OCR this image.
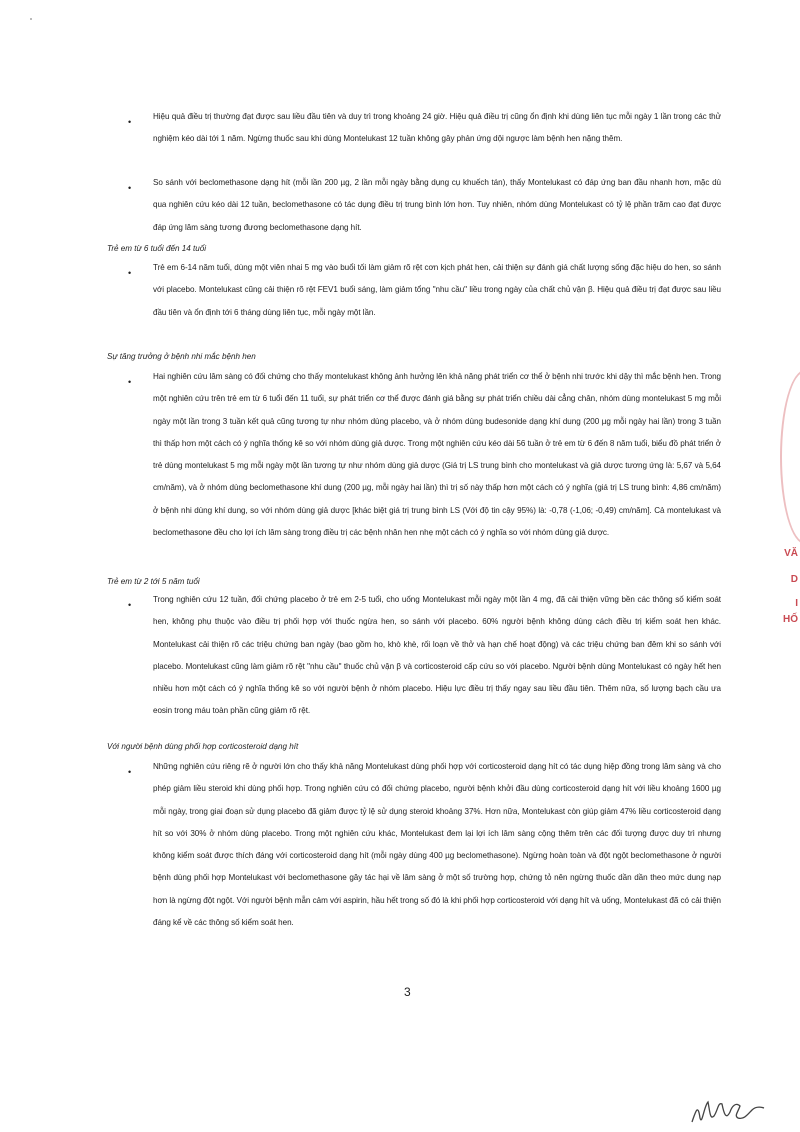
•

Hiệu quả điều trị thường đạt được sau liều đầu tiên và duy trì trong khoảng 24 giờ. Hiệu quả điều trị cũng ổn định khi dùng liên tục mỗi ngày 1 lần trong các thử nghiệm kéo dài tới 1 năm. Ngừng thuốc sau khi dùng Montelukast 12 tuần không gây phản ứng dội ngược làm bệnh hen nặng thêm.

•

So sánh với beclomethasone dạng hít (mỗi lần 200 µg, 2 lần mỗi ngày bằng dụng cụ khuếch tán), thấy Montelukast có đáp ứng ban đầu nhanh hơn, mặc dù qua nghiên cứu kéo dài 12 tuần, beclomethasone có tác dụng điều trị trung bình lớn hơn. Tuy nhiên, nhóm dùng Montelukast có tỷ lệ phần trăm cao đạt được đáp ứng lâm sàng tương đương beclomethasone dạng hít.

Trẻ em từ 6 tuổi đến 14 tuổi
•

Trẻ em 6-14 năm tuổi, dùng một viên nhai 5 mg vào buổi tối làm giảm rõ rệt cơn kịch phát hen, cải thiện sự đánh giá chất lượng sống đặc hiệu do hen, so sánh với placebo. Montelukast cũng cải thiện rõ rệt FEV1 buổi sáng, làm giảm tổng "nhu cầu" liều trong ngày của chất chủ vận β. Hiệu quả điều trị đạt được sau liều đầu tiên và ổn định tới 6 tháng dùng liên tục, mỗi ngày một lần.

Sự tăng trưởng ở bệnh nhi mắc bệnh hen
•

Hai nghiên cứu lâm sàng có đối chứng cho thấy montelukast không ảnh hưởng lên khả năng phát triển cơ thể ở bệnh nhi trước khi dậy thì mắc bệnh hen. Trong một nghiên cứu trên trẻ em từ 6 tuổi đến 11 tuổi, sự phát triển cơ thể được đánh giá bằng sự phát triển chiều dài cẳng chân, nhóm dùng montelukast 5 mg mỗi ngày một lần trong 3 tuần kết quả cũng tương tự như nhóm dùng placebo, và ở nhóm dùng budesonide dạng khí dung (200 µg mỗi ngày hai lần) trong 3 tuần thì thấp hơn một cách có ý nghĩa thống kê so với nhóm dùng giả dược. Trong một nghiên cứu kéo dài 56 tuần ở trẻ em từ 6 đến 8 năm tuổi, biểu đồ phát triển ở trẻ dùng montelukast 5 mg mỗi ngày một lần tương tự như nhóm dùng giả dược (Giá trị LS trung bình cho montelukast và giả dược tương ứng là: 5,67 và 5,64 cm/năm), và ở nhóm dùng beclomethasone khí dung (200 µg, mỗi ngày hai lần) thì trị số này thấp hơn một cách có ý nghĩa (giá trị LS trung bình: 4,86 cm/năm) ở bệnh nhi dùng khí dung, so với nhóm dùng giả dược [khác biệt giá trị trung bình LS (Với độ tin cậy 95%) là: -0,78 (-1,06; -0,49) cm/năm]. Cả montelukast và beclomethasone đều cho lợi ích lâm sàng trong điều trị các bệnh nhân hen nhẹ một cách có ý nghĩa so với nhóm dùng giả dược.

Trẻ em từ 2 tới 5 năm tuổi
•

Trong nghiên cứu 12 tuần, đối chứng placebo ở trẻ em 2-5 tuổi, cho uống Montelukast mỗi ngày một lần 4 mg, đã cải thiện vững bền các thông số kiểm soát hen, không phụ thuộc vào điều trị phối hợp với thuốc ngừa hen, so sánh với placebo. 60% người bệnh không dùng cách điều trị kiểm soát hen khác. Montelukast cải thiện rõ các triệu chứng ban ngày (bao gồm ho, khò khè, rối loạn về thở và hạn chế hoạt động) và các triệu chứng ban đêm khi so sánh với placebo. Montelukast cũng làm giảm rõ rệt "nhu cầu" thuốc chủ vận β và corticosteroid cấp cứu so với placebo. Người bệnh dùng Montelukast có ngày hết hen nhiều hơn một cách có ý nghĩa thống kê so với người bệnh ở nhóm placebo. Hiệu lực điều trị thấy ngay sau liều đầu tiên. Thêm nữa, số lượng bạch cầu ưa eosin trong máu toàn phần cũng giảm rõ rệt.

Với người bệnh dùng phối hợp corticosteroid dạng hít
•

Những nghiên cứu riêng rẽ ở người lớn cho thấy khả năng Montelukast dùng phối hợp với corticosteroid dạng hít có tác dụng hiệp đồng trong lâm sàng và cho phép giảm liều steroid khi dùng phối hợp. Trong nghiên cứu có đối chứng placebo, người bệnh khởi đầu dùng corticosteroid dạng hít với liều khoảng 1600 µg mỗi ngày, trong giai đoạn sử dụng placebo đã giảm được tỷ lệ sử dụng steroid khoảng 37%. Hơn nữa, Montelukast còn giúp giảm 47% liều corticosteroid dạng hít so với 30% ở nhóm dùng placebo. Trong một nghiên cứu khác, Montelukast đem lại lợi ích lâm sàng cộng thêm trên các đối tượng được duy trì nhưng không kiểm soát được thích đáng với corticosteroid dạng hít (mỗi ngày dùng 400 µg beclomethasone). Ngừng hoàn toàn và đột ngột beclomethasone ở người bệnh dùng phối hợp Montelukast với beclomethasone gây tác hại về lâm sàng ở một số trường hợp, chứng tỏ nên ngừng thuốc dần dần theo mức dung nạp hơn là ngừng đột ngột. Với người bệnh mẫn cảm với aspirin, hầu hết trong số đó là khi phối hợp corticosteroid với dạng hít và uống, Montelukast đã có cải thiện đáng kể về các thông số kiểm soát hen.

3
VĂ
D
I
HỐ
